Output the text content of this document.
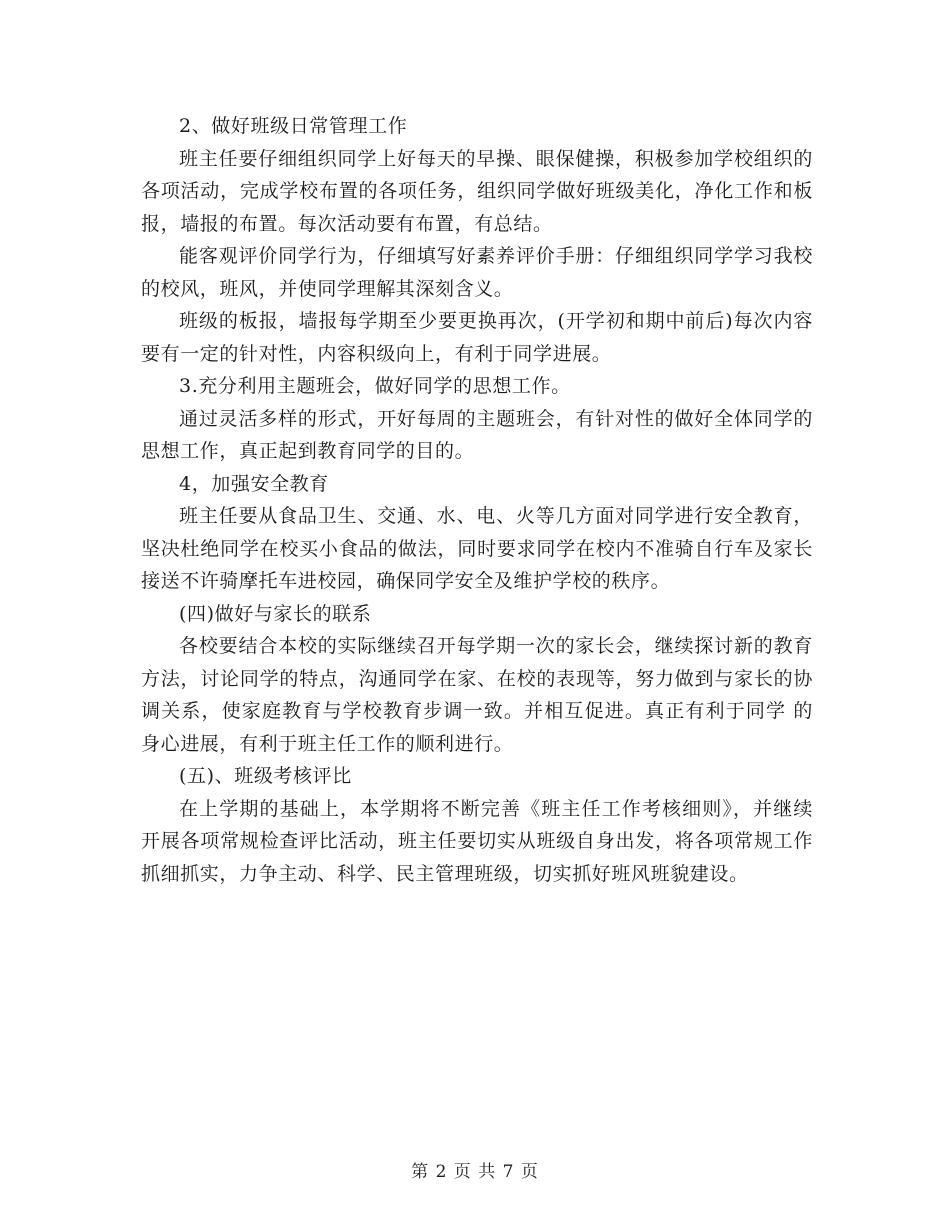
2、做好班级日常管理工作

班主任要仔细组织同学上好每天的早操、眼保健操，积极参加学校组织的各项活动，完成学校布置的各项任务，组织同学做好班级美化，净化工作和板报，墙报的布置。每次活动要有布置，有总结。

能客观评价同学行为，仔细填写好素养评价手册：仔细组织同学学习我校的校风，班风，并使同学理解其深刻含义。

班级的板报，墙报每学期至少要更换再次，(开学初和期中前后)每次内容要有一定的针对性，内容积级向上，有利于同学进展。

3.充分利用主题班会，做好同学的思想工作。

通过灵活多样的形式，开好每周的主题班会，有针对性的做好全体同学的思想工作，真正起到教育同学的目的。

4，加强安全教育

班主任要从食品卫生、交通、水、电、火等几方面对同学进行安全教育，坚决杜绝同学在校买小食品的做法，同时要求同学在校内不准骑自行车及家长接送不许骑摩托车进校园，确保同学安全及维护学校的秩序。

(四)做好与家长的联系

各校要结合本校的实际继续召开每学期一次的家长会，继续探讨新的教育方法，讨论同学的特点，沟通同学在家、在校的表现等，努力做到与家长的协调关系，使家庭教育与学校教育步调一致。并相互促进。真正有利于同学 的身心进展，有利于班主任工作的顺利进行。

(五)、班级考核评比

在上学期的基础上，本学期将不断完善《班主任工作考核细则》，并继续开展各项常规检查评比活动，班主任要切实从班级自身出发，将各项常规工作抓细抓实，力争主动、科学、民主管理班级，切实抓好班风班貌建设。

第 2 页 共 7 页
